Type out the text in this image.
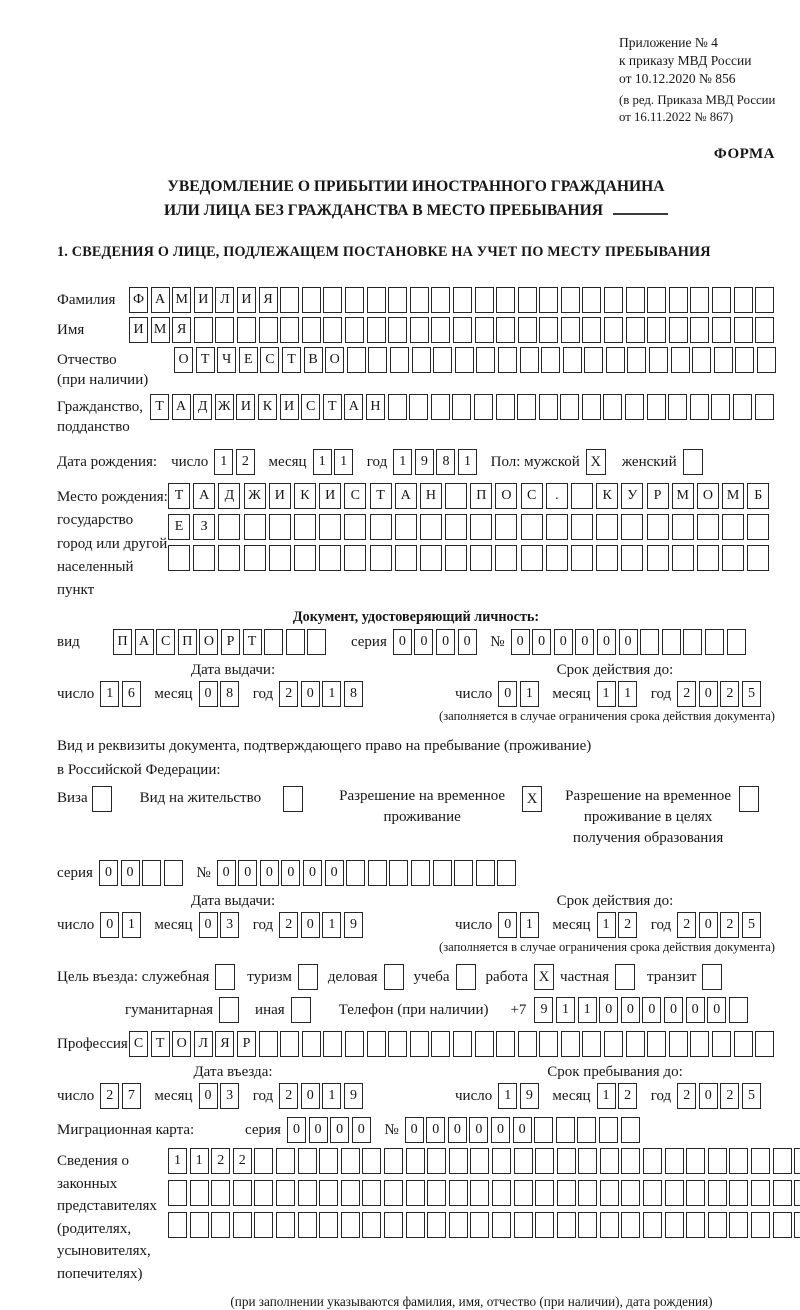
Приложение № 4
к приказу МВД России
от 10.12.2020 № 856
(в ред. Приказа МВД России
от 16.11.2022 № 867)
ФОРМА
УВЕДОМЛЕНИЕ О ПРИБЫТИИ ИНОСТРАННОГО ГРАЖДАНИНА
ИЛИ ЛИЦА БЕЗ ГРАЖДАНСТВА В МЕСТО ПРЕБЫВАНИЯ
1. СВЕДЕНИЯ О ЛИЦЕ, ПОДЛЕЖАЩЕМ ПОСТАНОВКЕ НА УЧЕТ ПО МЕСТУ ПРЕБЫВАНИЯ
Фамилия	Ф А М И Л И Я
Имя	И М Я
Отчество
(при наличии)
О Т Ч Е С Т В О
Гражданство,
подданство
Т А Д Ж И К И С Т А Н
Дата рождения: число 1	2	месяц 1	1	год 1	9	8	1	Пол: мужской X	женский
Место рождения:
государство
город или другой
населенный пункт
Т	А	Д	Ж И	К	И	С	Т	А	Н	П	О	С	.	К	У	Р	М О М	Б
Е	З
Документ, удостоверяющий личность:
вид	П А С П О Р Т	серия 0	0	0	0	№ 0	0	0	0	0	0
Дата выдачи:
число 1	6	месяц 0	8	год 2	0	1	8
Срок действия до:
число 0	1	месяц 1	1	год 2	0	2	5
(заполняется в случае ограничения срока действия документа)
Вид и реквизиты документа, подтверждающего право на пребывание (проживание)
в Российской Федерации:
Виза	Вид на жительство	Разрешение на временное проживание
X	Разрешение на временное проживание в целях получения образования
серия 0	0	№ 0	0	0	0	0	0
Дата выдачи:
число 0	1	месяц 0	3	год 2	0	1	9
Срок действия до:
число 0	1	месяц 1	2	год 2	0	2	5
(заполняется в случае ограничения срока действия документа)
Цель въезда: служебная	туризм деловая учеба работа X частная	транзит
гуманитарная	иная	Телефон (при наличии) +7	9	1	1	0	0	0	0	0	0
Профессия С Т О Л Я Р
Дата въезда:
число 2	7	месяц 0	3	год 2	0	1	9
Срок пребывания до:
число 1	9	месяц 1	2	год 2	0	2	5
Миграционная карта:	серия 0	0	0	0	№ 0	0	0	0	0	0
Сведения о
законных
представителях
(родителях,
усыновителях,
попечителях)
1	1	2	2
(при заполнении указываются фамилия, имя, отчество (при наличии), дата рождения)
